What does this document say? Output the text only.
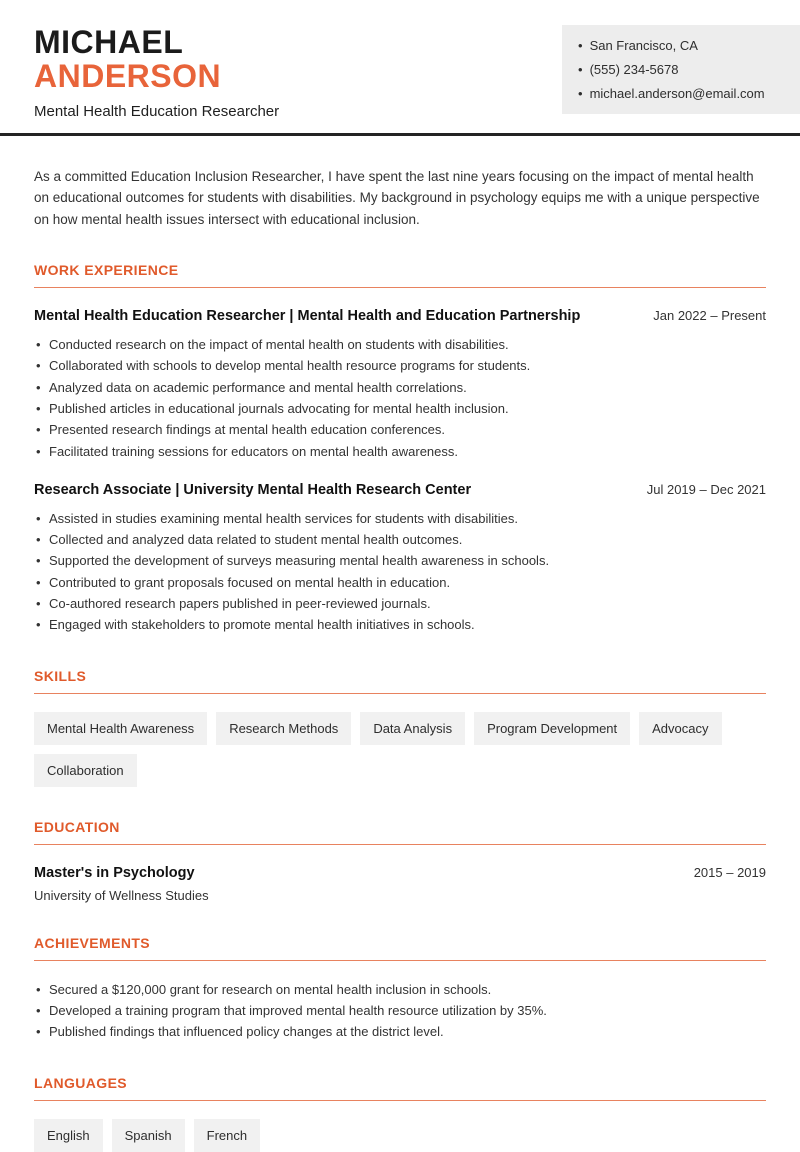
MICHAEL
ANDERSON
Mental Health Education Researcher
• San Francisco, CA
• (555) 234-5678
• michael.anderson@email.com

As a committed Education Inclusion Researcher, I have spent the last nine years focusing on the impact of mental health on educational outcomes for students with disabilities. My background in psychology equips me with a unique perspective on how mental health issues intersect with educational inclusion.

WORK EXPERIENCE
Mental Health Education Researcher | Mental Health and Education Partnership	Jan 2022 – Present
• Conducted research on the impact of mental health on students with disabilities.
• Collaborated with schools to develop mental health resource programs for students.
• Analyzed data on academic performance and mental health correlations.
• Published articles in educational journals advocating for mental health inclusion.
• Presented research findings at mental health education conferences.
• Facilitated training sessions for educators on mental health awareness.
Research Associate | University Mental Health Research Center	Jul 2019 – Dec 2021
• Assisted in studies examining mental health services for students with disabilities.
• Collected and analyzed data related to student mental health outcomes.
• Supported the development of surveys measuring mental health awareness in schools.
• Contributed to grant proposals focused on mental health in education.
• Co-authored research papers published in peer-reviewed journals.
• Engaged with stakeholders to promote mental health initiatives in schools.
SKILLS
Mental Health Awareness	Research Methods	Data Analysis	Program Development	Advocacy
Collaboration
EDUCATION
Master's in Psychology	2015 – 2019
University of Wellness Studies
ACHIEVEMENTS
• Secured a $120,000 grant for research on mental health inclusion in schools.
• Developed a training program that improved mental health resource utilization by 35%.
• Published findings that influenced policy changes at the district level.
LANGUAGES
English	Spanish	French
